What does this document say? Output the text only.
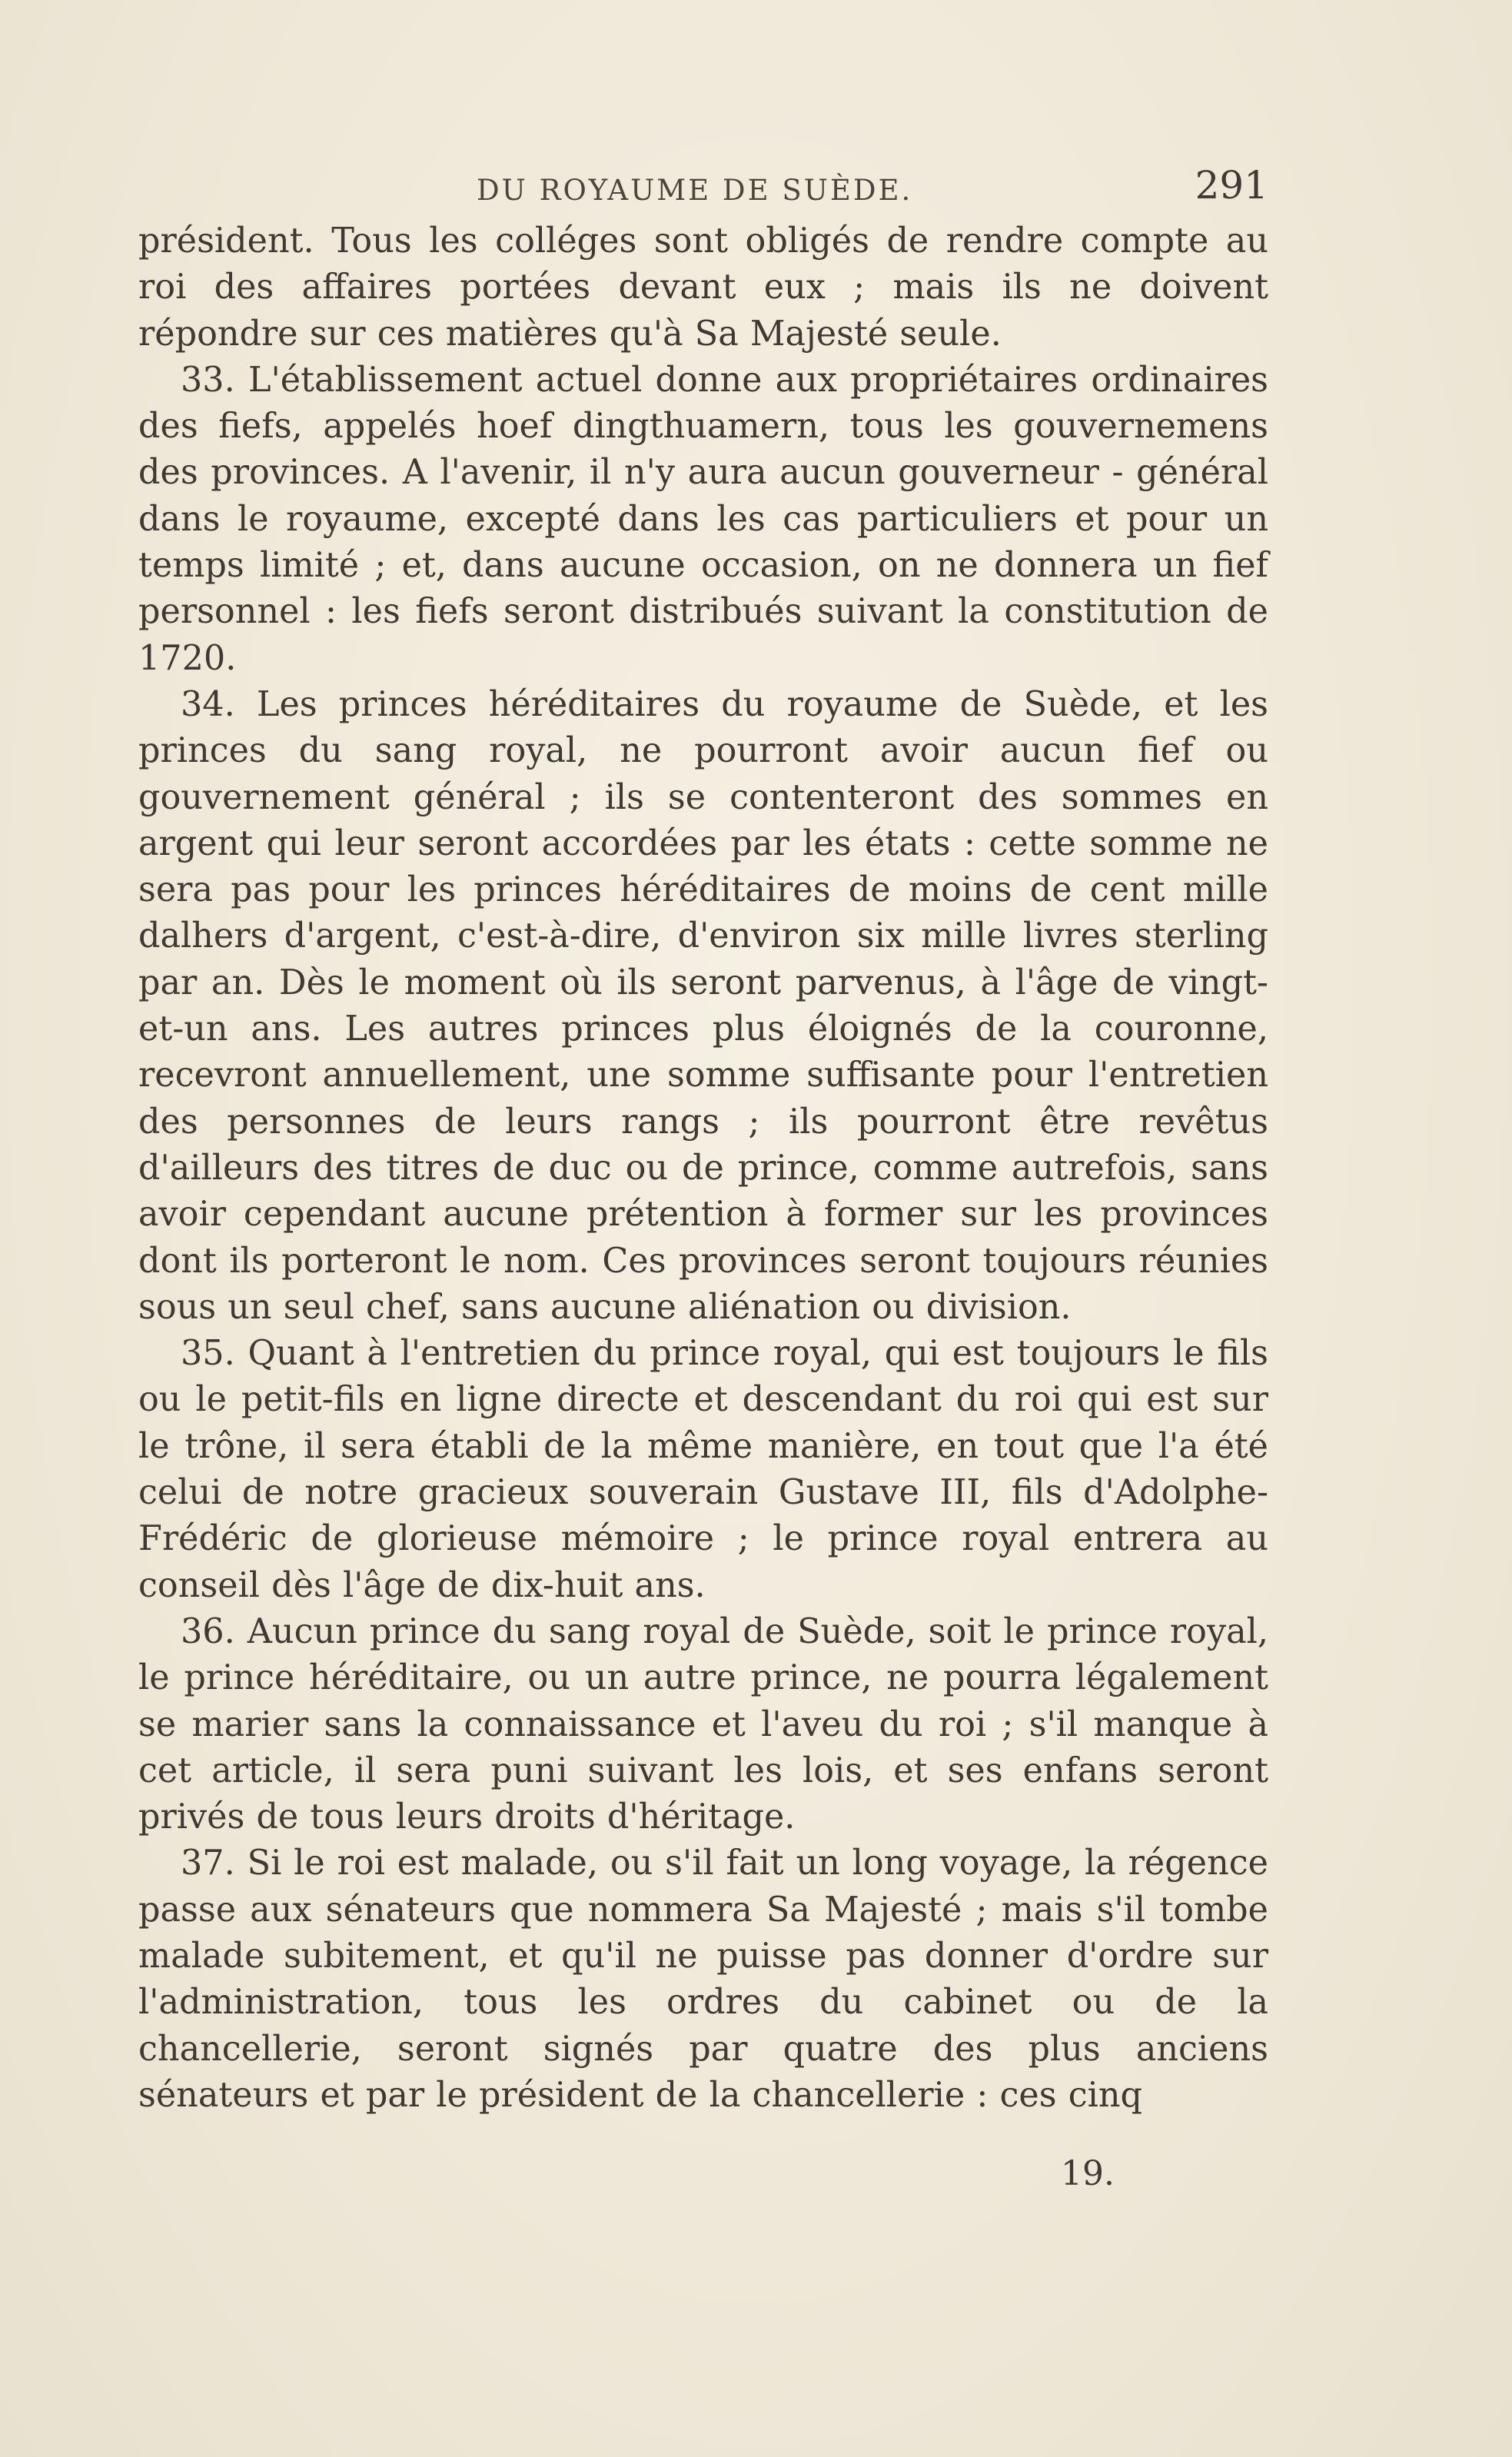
DU ROYAUME DE SUÈDE.	291

président. Tous les colléges sont obligés de rendre compte au roi des affaires portées devant eux ; mais ils ne doivent répondre sur ces matières qu'à Sa Majesté seule.

33. L'établissement actuel donne aux propriétaires ordinaires des fiefs, appelés hoef dingthuamern, tous les gouvernemens des provinces. A l'avenir, il n'y aura aucun gouverneur - général dans le royaume, excepté dans les cas particuliers et pour un temps limité ; et, dans aucune occasion, on ne donnera un fief personnel : les fiefs seront distribués suivant la constitution de 1720.

34. Les princes héréditaires du royaume de Suède, et les princes du sang royal, ne pourront avoir aucun fief ou gouvernement général ; ils se contenteront des sommes en argent qui leur seront accordées par les états : cette somme ne sera pas pour les princes héréditaires de moins de cent mille dalhers d'argent, c'est-à-dire, d'environ six mille livres sterling par an. Dès le moment où ils seront parvenus, à l'âge de vingt-et-un ans. Les autres princes plus éloignés de la couronne, recevront annuellement, une somme suffisante pour l'entretien des personnes de leurs rangs ; ils pourront être revêtus d'ailleurs des titres de duc ou de prince, comme autrefois, sans avoir cependant aucune prétention à former sur les provinces dont ils porteront le nom. Ces provinces seront toujours réunies sous un seul chef, sans aucune aliénation ou division.

35. Quant à l'entretien du prince royal, qui est toujours le fils ou le petit-fils en ligne directe et descendant du roi qui est sur le trône, il sera établi de la même manière, en tout que l'a été celui de notre gracieux souverain Gustave III, fils d'Adolphe-Frédéric de glorieuse mémoire ; le prince royal entrera au conseil dès l'âge de dix-huit ans.

36. Aucun prince du sang royal de Suède, soit le prince royal, le prince héréditaire, ou un autre prince, ne pourra légalement se marier sans la connaissance et l'aveu du roi ; s'il manque à cet article, il sera puni suivant les lois, et ses enfans seront privés de tous leurs droits d'héritage.

37. Si le roi est malade, ou s'il fait un long voyage, la régence passe aux sénateurs que nommera Sa Majesté ; mais s'il tombe malade subitement, et qu'il ne puisse pas donner d'ordre sur l'administration, tous les ordres du cabinet ou de la chancellerie, seront signés par quatre des plus anciens sénateurs et par le président de la chancellerie : ces cinq

19.
